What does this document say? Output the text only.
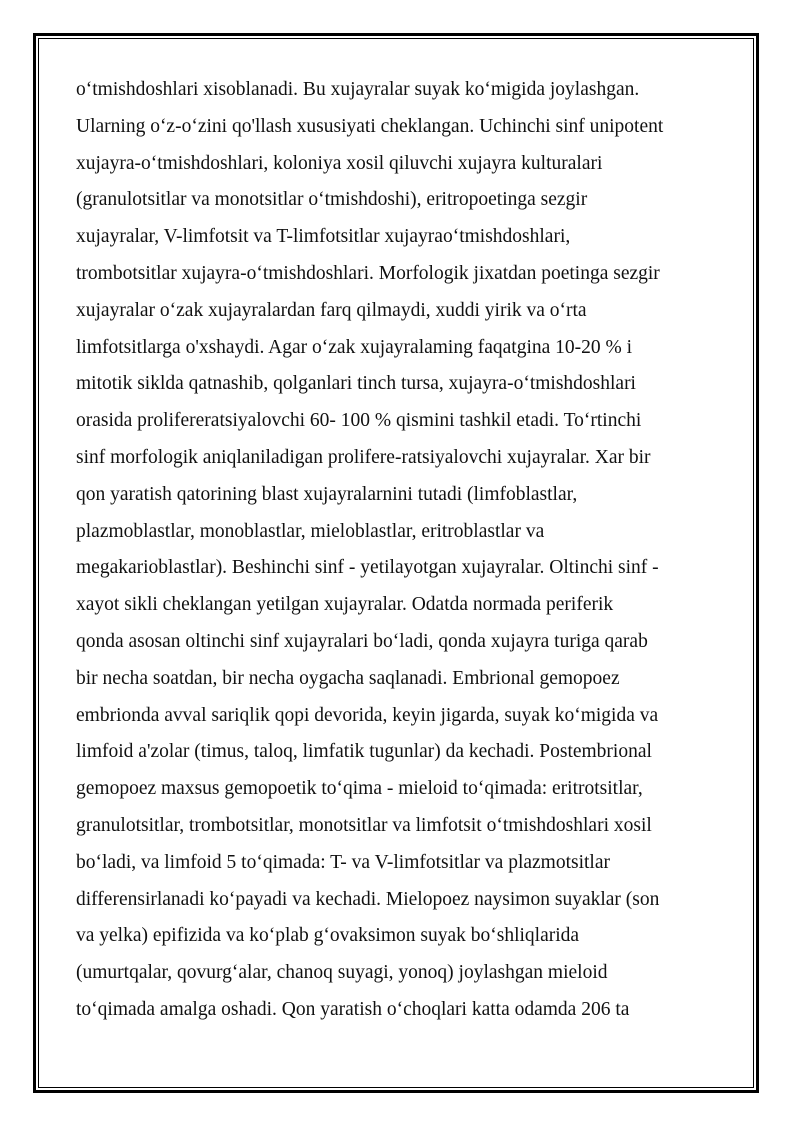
o‘tmishdoshlari xisoblanadi. Bu xujayralar suyak ko‘migida joylashgan.
Ularning o‘z-o‘zini qo'llash xususiyati cheklangan. Uchinchi sinf unipotent
xujayra-o‘tmishdoshlari, koloniya xosil qiluvchi xujayra kulturalari
(granulotsitlar va monotsitlar o‘tmishdoshi), eritropoetinga sezgir
xujayralar, V-limfotsit va T-limfotsitlar xujayrao‘tmishdoshlari,
trombotsitlar xujayra-o‘tmishdoshlari. Morfologik jixatdan poetinga sezgir
xujayralar o‘zak xujayralardan farq qilmaydi, xuddi yirik va o‘rta
limfotsitlarga o'xshaydi. Agar o‘zak xujayralaming faqatgina 10-20 % i
mitotik siklda qatnashib, qolganlari tinch tursa, xujayra-o‘tmishdoshlari
orasida prolifereratsiyalovchi 60- 100 % qismini tashkil etadi. To‘rtinchi
sinf morfologik aniqlaniladigan prolifere-ratsiyalovchi xujayralar. Xar bir
qon yaratish qatorining blast xujayralarnini tutadi (limfoblastlar,
plazmoblastlar, monoblastlar, mieloblastlar, eritroblastlar va
megakarioblastlar). Beshinchi sinf - yetilayotgan xujayralar. Oltinchi sinf -
xayot sikli cheklangan yetilgan xujayralar. Odatda normada periferik
qonda asosan oltinchi sinf xujayralari bo‘ladi, qonda xujayra turiga qarab
bir necha soatdan, bir necha oygacha saqlanadi. Embrional gemopoez
embrionda avval sariqlik qopi devorida, keyin jigarda, suyak ko‘migida va
limfoid a'zolar (timus, taloq, limfatik tugunlar) da kechadi. Postembrional
gemopoez maxsus gemopoetik to‘qima - mieloid to‘qimada: eritrotsitlar,
granulotsitlar, trombotsitlar, monotsitlar va limfotsit o‘tmishdoshlari xosil
bo‘ladi, va limfoid 5 to‘qimada: T- va V-limfotsitlar va plazmotsitlar
differensirlanadi ko‘payadi va kechadi. Mielopoez naysimon suyaklar (son
va yelka) epifizida va ko‘plab g‘ovaksimon suyak bo‘shliqlarida
(umurtqalar, qovurg‘alar, chanoq suyagi, yonoq) joylashgan mieloid
to‘qimada amalga oshadi. Qon yaratish o‘choqlari katta odamda 206 ta
